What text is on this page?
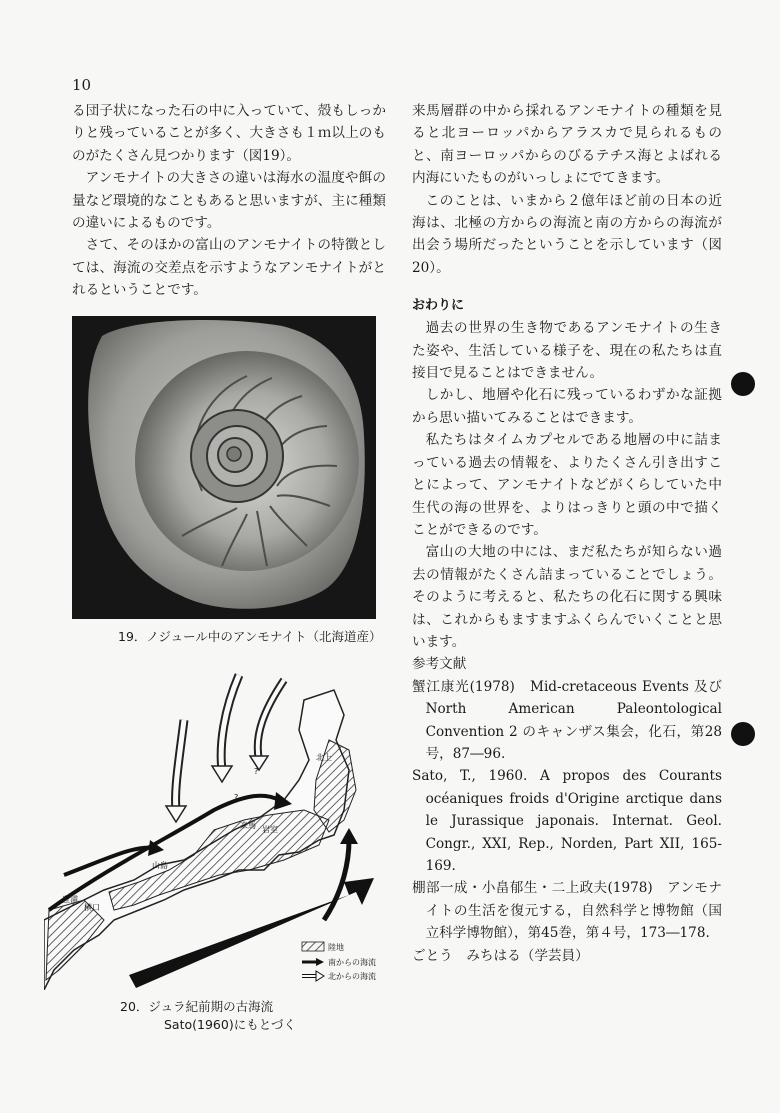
10

る団子状になった石の中に入っていて、殻もしっかりと残っていることが多く、大きさも１ｍ以上のものがたくさん見つかります（図19）。

アンモナイトの大きさの違いは海水の温度や餌の量など環境的なこともあると思いますが、主に種類の違いによるものです。

さて、そのほかの富山のアンモナイトの特徴としては、海流の交差点を示すようなアンモナイトがとれるということです。

19．ノジュール中のアンモナイト（北海道産）
北上
来馬 岩室
山島
豊浦
横口
?
?
陸地
南からの海流
北からの海流
20．ジュラ紀前期の古海流
Sato(1960)にもとづく

来馬層群の中から採れるアンモナイトの種類を見ると北ヨーロッパからアラスカで見られるものと、南ヨーロッパからのびるテチス海とよばれる内海にいたものがいっしょにでてきます。

このことは、いまから２億年ほど前の日本の近海は、北極の方からの海流と南の方からの海流が出会う場所だったということを示しています（図20）。

おわりに

過去の世界の生き物であるアンモナイトの生きた姿や、生活している様子を、現在の私たちは直接目で見ることはできません。

しかし、地層や化石に残っているわずかな証拠から思い描いてみることはできます。

私たちはタイムカプセルである地層の中に詰まっている過去の情報を、よりたくさん引き出すことによって、アンモナイトなどがくらしていた中生代の海の世界を、よりはっきりと頭の中で描くことができるのです。

富山の大地の中には、まだ私たちが知らない過去の情報がたくさん詰まっていることでしょう。そのように考えると、私たちの化石に関する興味は、これからもますますふくらんでいくことと思います。

参考文献

蟹江康光(1978)　Mid-cretaceous Events 及び North American Paleontological Convention 2 のキャンザス集会，化石，第28号，87―96.

Sato, T., 1960. A propos des Courants océaniques froids d'Origine arctique dans le Jurassique japonais. Internat. Geol. Congr., XXI, Rep., Norden, Part XII, 165-169.

棚部一成・小畠郁生・二上政夫(1978)　アンモナイトの生活を復元する，自然科学と博物館（国立科学博物館），第45巻，第４号，173―178.

ごとう　みちはる（学芸員）
